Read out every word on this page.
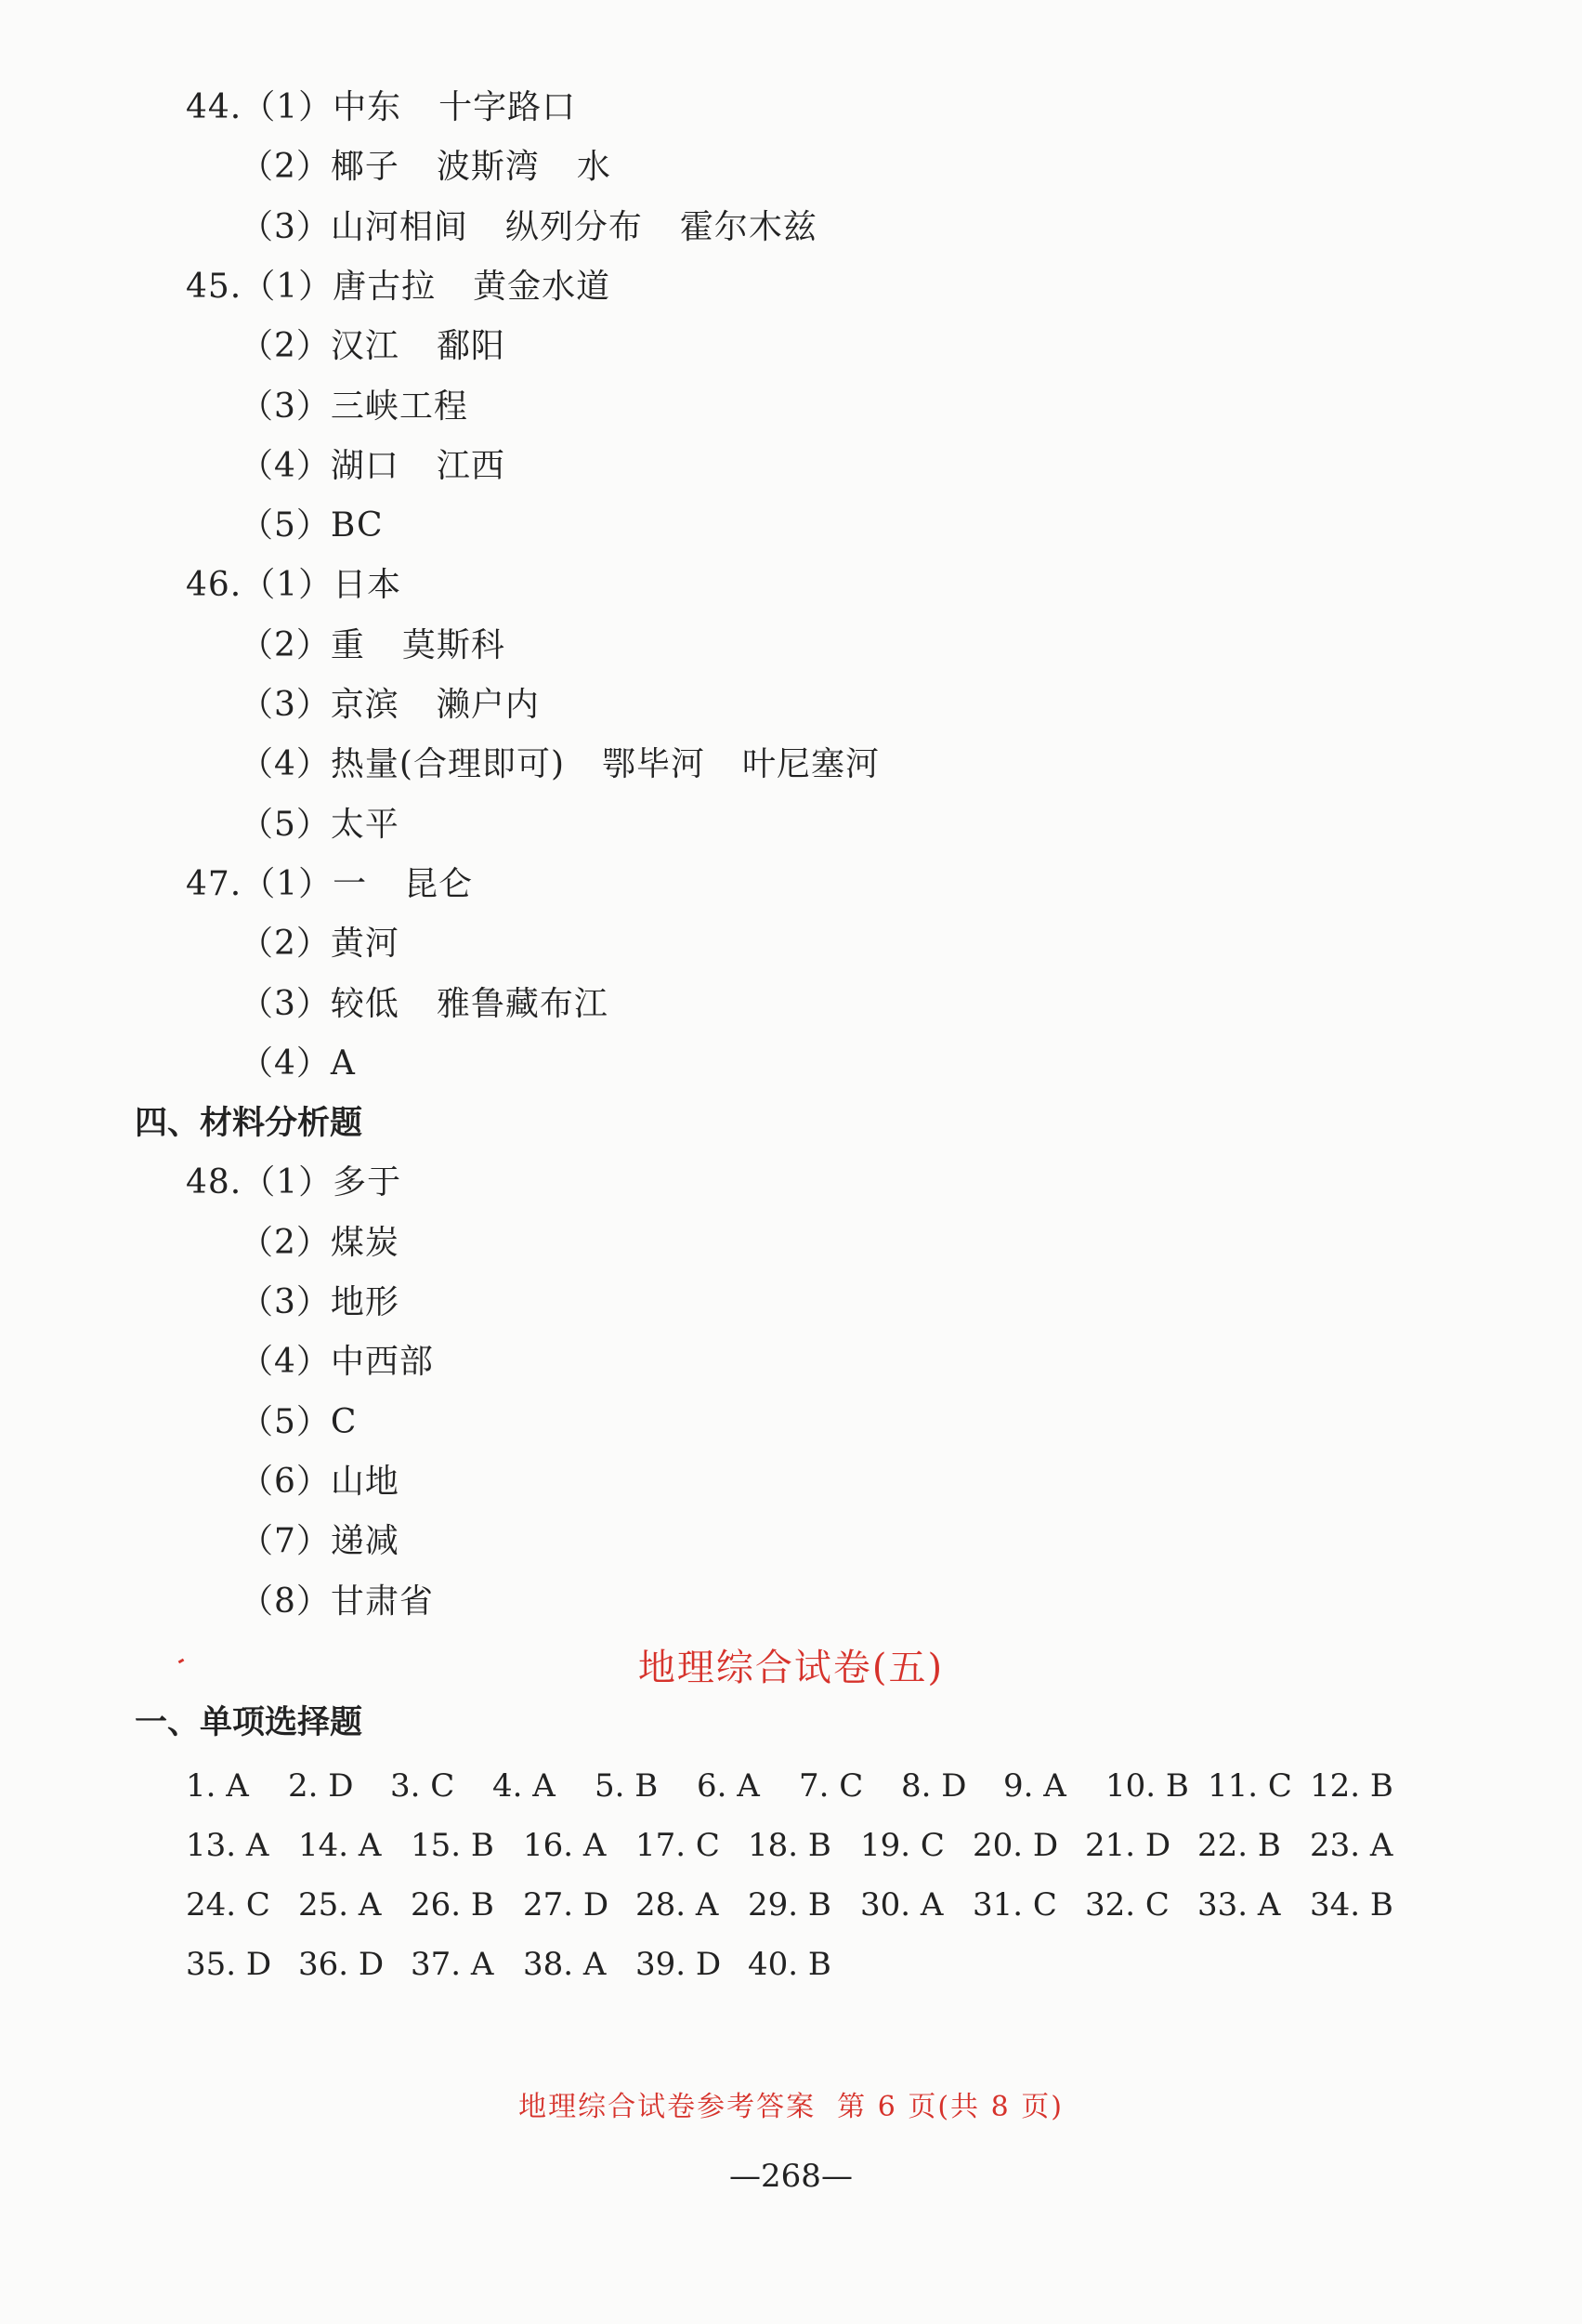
44.（1）中东 十字路口
（2）椰子 波斯湾 水
（3）山河相间 纵列分布 霍尔木兹
45.（1）唐古拉 黄金水道
（2）汉江 鄱阳
（3）三峡工程
（4）湖口 江西
（5）BC
46.（1）日本
（2）重 莫斯科
（3）京滨 濑户内
（4）热量(合理即可) 鄂毕河 叶尼塞河
（5）太平
47.（1）一 昆仑
（2）黄河
（3）较低 雅鲁藏布江
（4）A
四、材料分析题
48.（1）多于
（2）煤炭
（3）地形
（4）中西部
（5）C
（6）山地
（7）递减
（8）甘肃省
地理综合试卷(五)
一、单项选择题
1. A 2. D 3. C 4. A 5. B 6. A 7. C 8. D 9. A 10. B 11. C 12. B
13. A 14. A 15. B 16. A 17. C 18. B 19. C 20. D 21. D 22. B 23. A
24. C 25. A 26. B 27. D 28. A 29. B 30. A 31. C 32. C 33. A 34. B
35. D 36. D 37. A 38. A 39. D 40. B
地理综合试卷参考答案  第 6 页(共 8 页)
—268—
